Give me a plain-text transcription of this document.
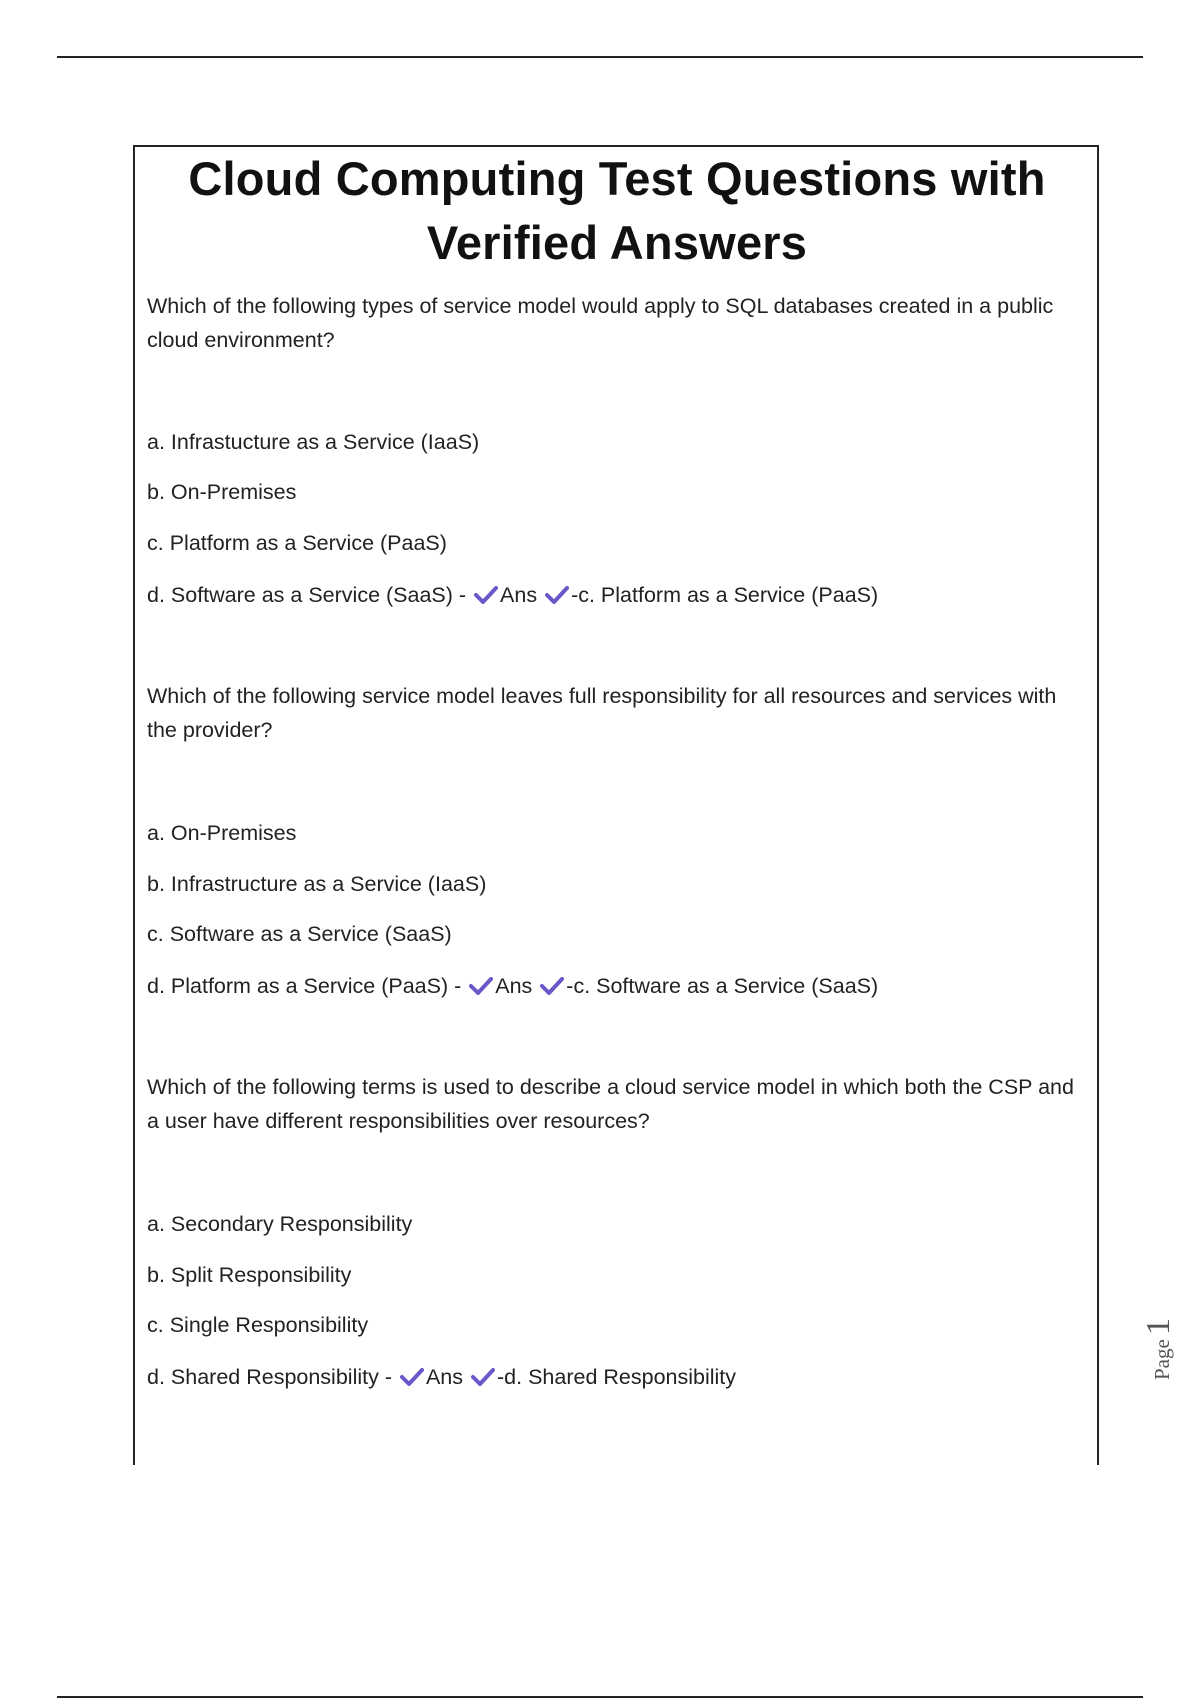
Cloud Computing Test Questions with
Verified Answers
Which of the following types of service model would apply to SQL databases created in a public cloud environment?
a. Infrastucture as a Service (IaaS)
b. On-Premises
c. Platform as a Service (PaaS)
d. Software as a Service (SaaS) - Ans -c. Platform as a Service (PaaS)
Which of the following service model leaves full responsibility for all resources and services with the provider?
a. On-Premises
b. Infrastructure as a Service (IaaS)
c. Software as a Service (SaaS)
d. Platform as a Service (PaaS) - Ans -c. Software as a Service (SaaS)
Which of the following terms is used to describe a cloud service model in which both the CSP and a user have different responsibilities over resources?
a. Secondary Responsibility
b. Split Responsibility
c. Single Responsibility
d. Shared Responsibility - Ans -d. Shared Responsibility	Page1
